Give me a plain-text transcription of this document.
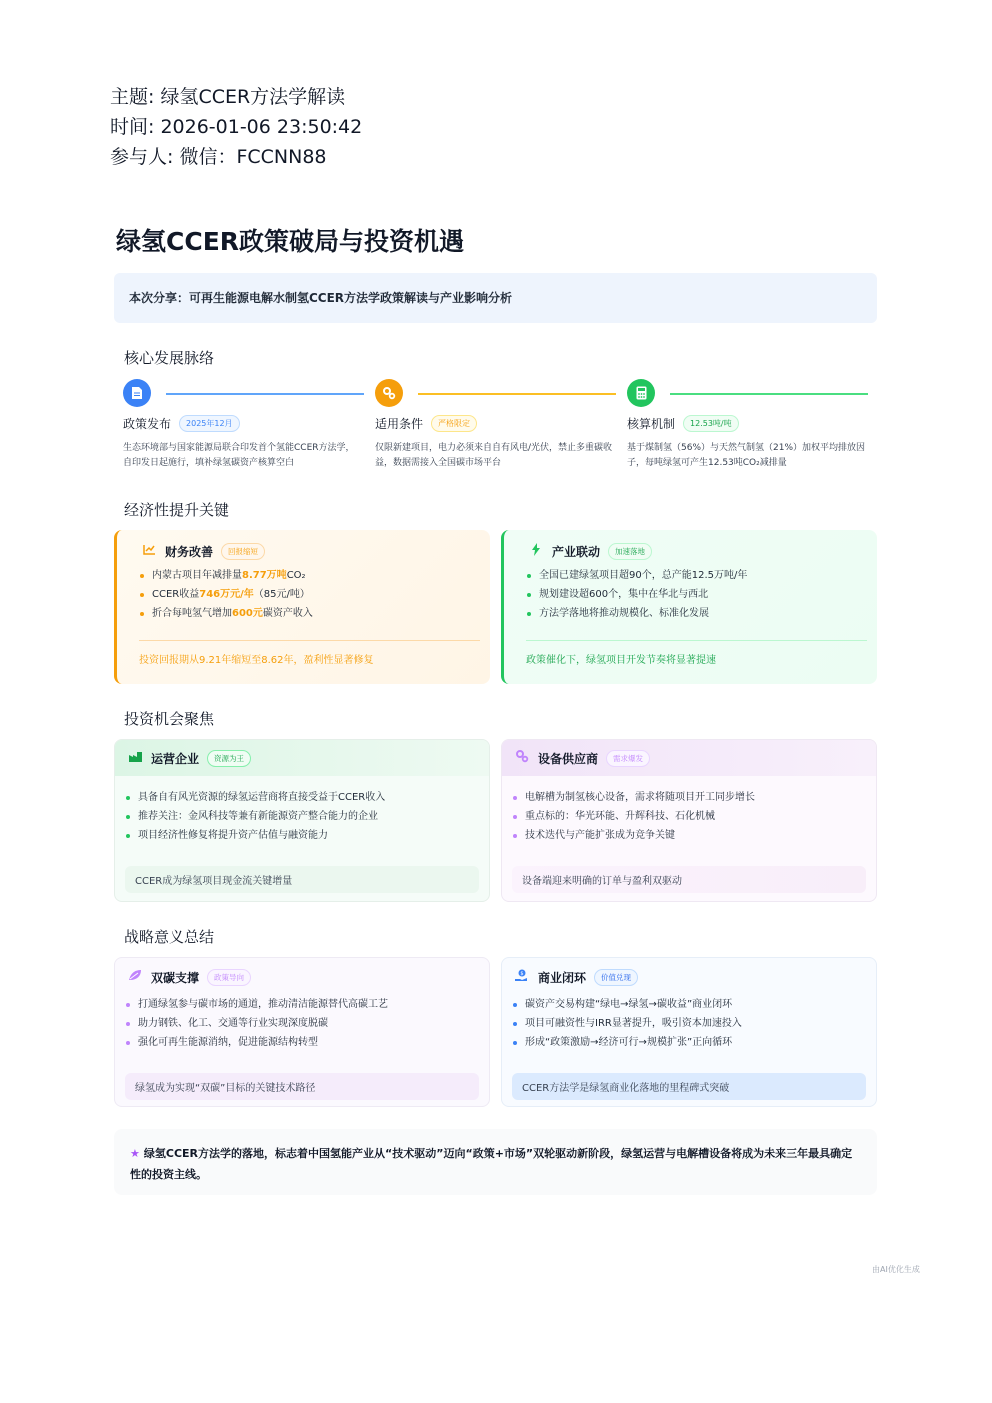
主题: 绿氢CCER方法学解读
时间: 2026-01-06 23:50:42
参与人: 微信：FCCNN88
绿氢CCER政策破局与投资机遇
本次分享：可再生能源电解水制氢CCER方法学政策解读与产业影响分析
核心发展脉络
政策发布	2025年12月	适用条件	严格限定	核算机制	12.53吨/吨
生态环境部与国家能源局联合印发首个氢能CCER方法学，自印发日起施行，填补绿氢碳资产核算空白
仅限新建项目，电力必须来自自有风电/光伏，禁止多重碳收益，数据需接入全国碳市场平台
基于煤制氢（56%）与天然气制氢（21%）加权平均排放因子，每吨绿氢可产生12.53吨CO₂减排量
经济性提升关键
财务改善	回报缩短
内蒙古项目年减排量8.77万吨CO₂
CCER收益746万元/年（85元/吨）
折合每吨氢气增加600元碳资产收入
投资回报期从9.21年缩短至8.62年，盈利性显著修复
产业联动	加速落地
全国已建绿氢项目超90个，总产能12.5万吨/年
规划建设超600个，集中在华北与西北
方法学落地将推动规模化、标准化发展
政策催化下，绿氢项目开发节奏将显著提速
投资机会聚焦
运营企业	资源为王
具备自有风光资源的绿氢运营商将直接受益于CCER收入
推荐关注：金风科技等兼有新能源资产整合能力的企业
项目经济性修复将提升资产估值与融资能力
CCER成为绿氢项目现金流关键增量
设备供应商	需求爆发
电解槽为制氢核心设备，需求将随项目开工同步增长
重点标的：华光环能、升辉科技、石化机械
技术迭代与产能扩张成为竞争关键
设备端迎来明确的订单与盈利双驱动
战略意义总结
双碳支撑	政策导向
打通绿氢参与碳市场的通道，推动清洁能源替代高碳工艺
助力钢铁、化工、交通等行业实现深度脱碳
强化可再生能源消纳，促进能源结构转型
绿氢成为实现“双碳”目标的关键技术路径
$ 商业闭环	价值兑现
碳资产交易构建“绿电→绿氢→碳收益”商业闭环
项目可融资性与IRR显著提升，吸引资本加速投入
形成“政策激励→经济可行→规模扩张”正向循环
CCER方法学是绿氢商业化落地的里程碑式突破
★ 绿氢CCER方法学的落地，标志着中国氢能产业从“技术驱动”迈向“政策+市场”双轮驱动新阶段，绿氢运营与电解槽设备将成为未来三年最具确定性的投资主线。
由AI优化生成
